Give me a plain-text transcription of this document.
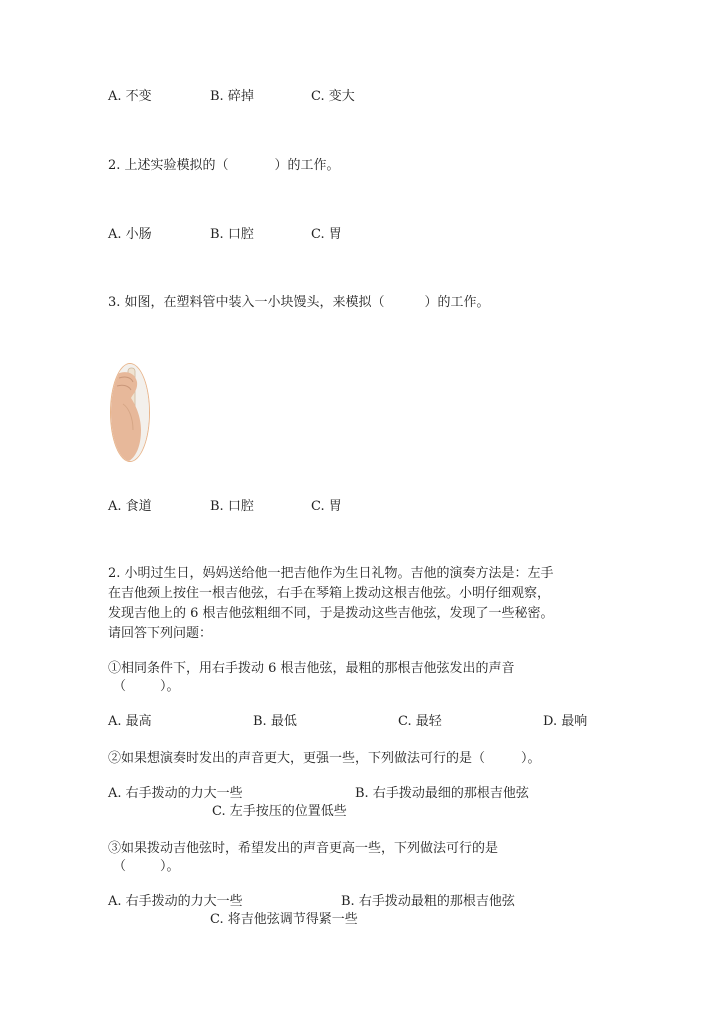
A. 不变	B. 碎掉	C. 变大
2. 上述实验模拟的（	）的工作。
A. 小肠	B. 口腔	C. 胃
3. 如图，在塑料管中装入一小块馒头，来模拟（	）的工作。
A. 食道	B. 口腔	C. 胃
2. 小明过生日，妈妈送给他一把吉他作为生日礼物。吉他的演奏方法是：左手
在吉他颈上按住一根吉他弦，右手在琴箱上拨动这根吉他弦。小明仔细观察，
发现吉他上的 6 根吉他弦粗细不同，于是拨动这些吉他弦，发现了一些秘密。
请回答下列问题：
①相同条件下，用右手拨动 6 根吉他弦，最粗的那根吉他弦发出的声音
（	）。
A. 最高	B. 最低	C. 最轻	D. 最响
②如果想演奏时发出的声音更大，更强一些，下列做法可行的是（	）。
A. 右手拨动的力大一些	B. 右手拨动最细的那根吉他弦
C. 左手按压的位置低些
③如果拨动吉他弦时，希望发出的声音更高一些，下列做法可行的是
（	）。
A. 右手拨动的力大一些	B. 右手拨动最粗的那根吉他弦
C. 将吉他弦调节得紧一些
